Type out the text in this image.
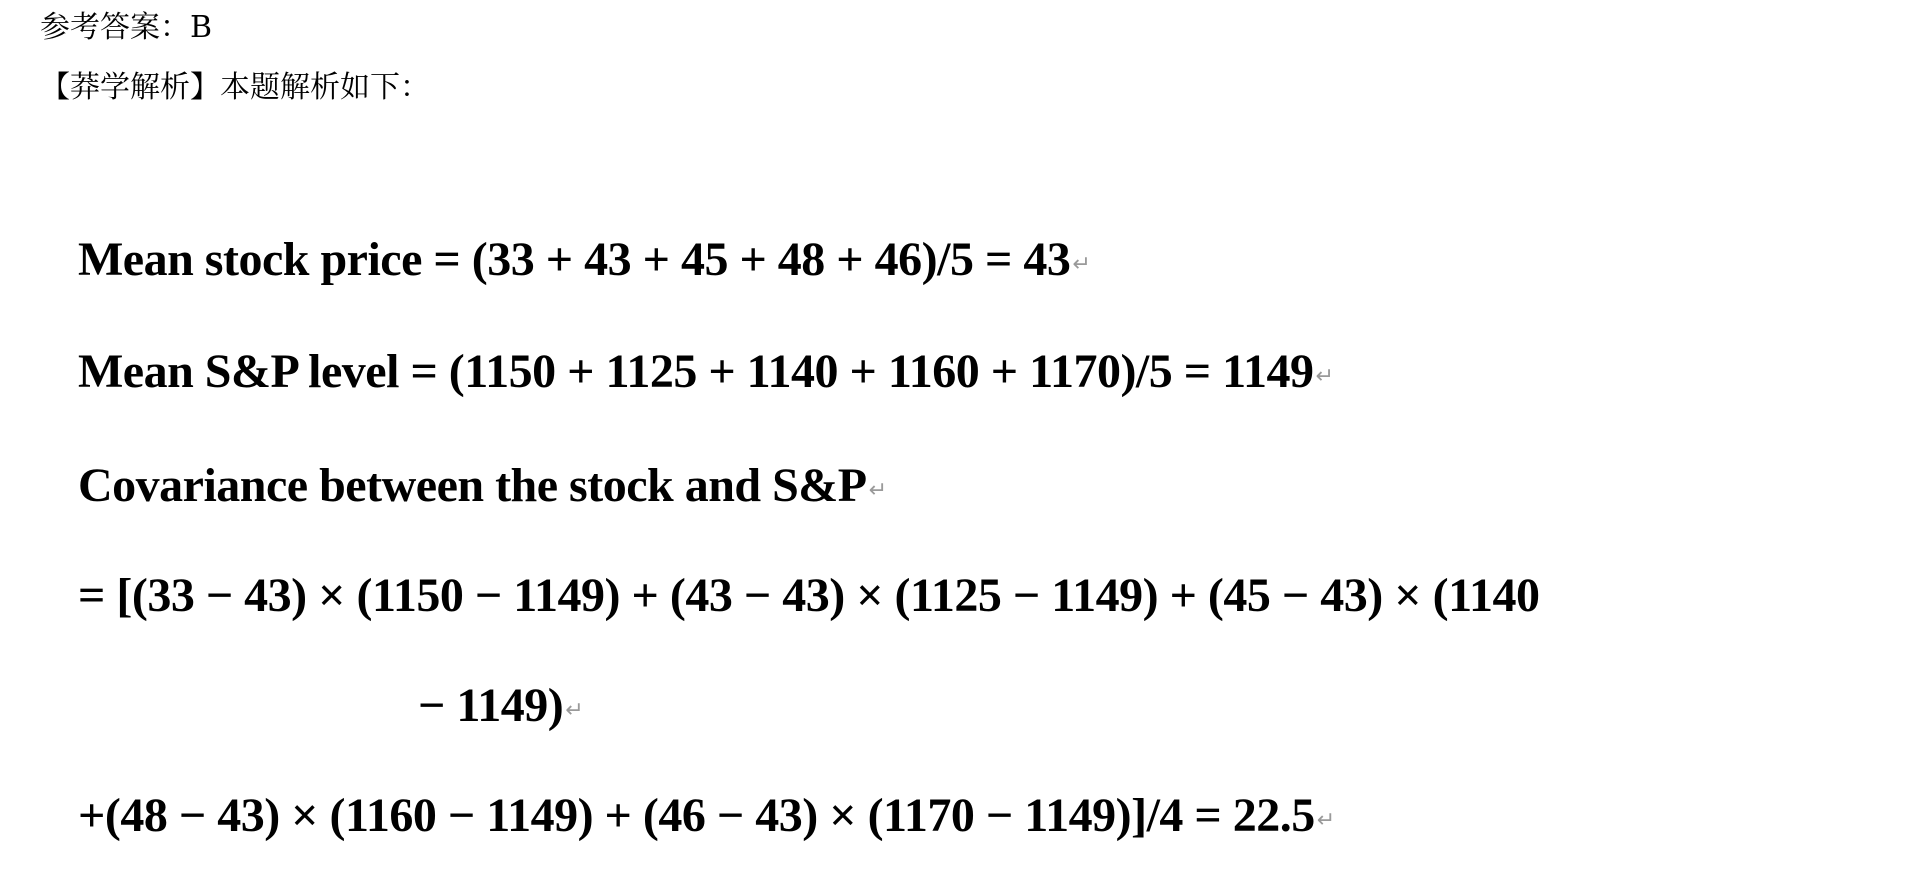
参考答案：B
【莽学解析】本题解析如下：
Mean stock price = (33 + 43 + 45 + 48 + 46)/5 = 43↵
Mean S&P level = (1150 + 1125 + 1140 + 1160 + 1170)/5 = 1149↵
Covariance between the stock and S&P↵
= [(33 − 43) × (1150 − 1149) + (43 − 43) × (1125 − 1149) + (45 − 43) × (1140
− 1149)↵
+(48 − 43) × (1160 − 1149) + (46 − 43) × (1170 − 1149)]/4 = 22.5↵
